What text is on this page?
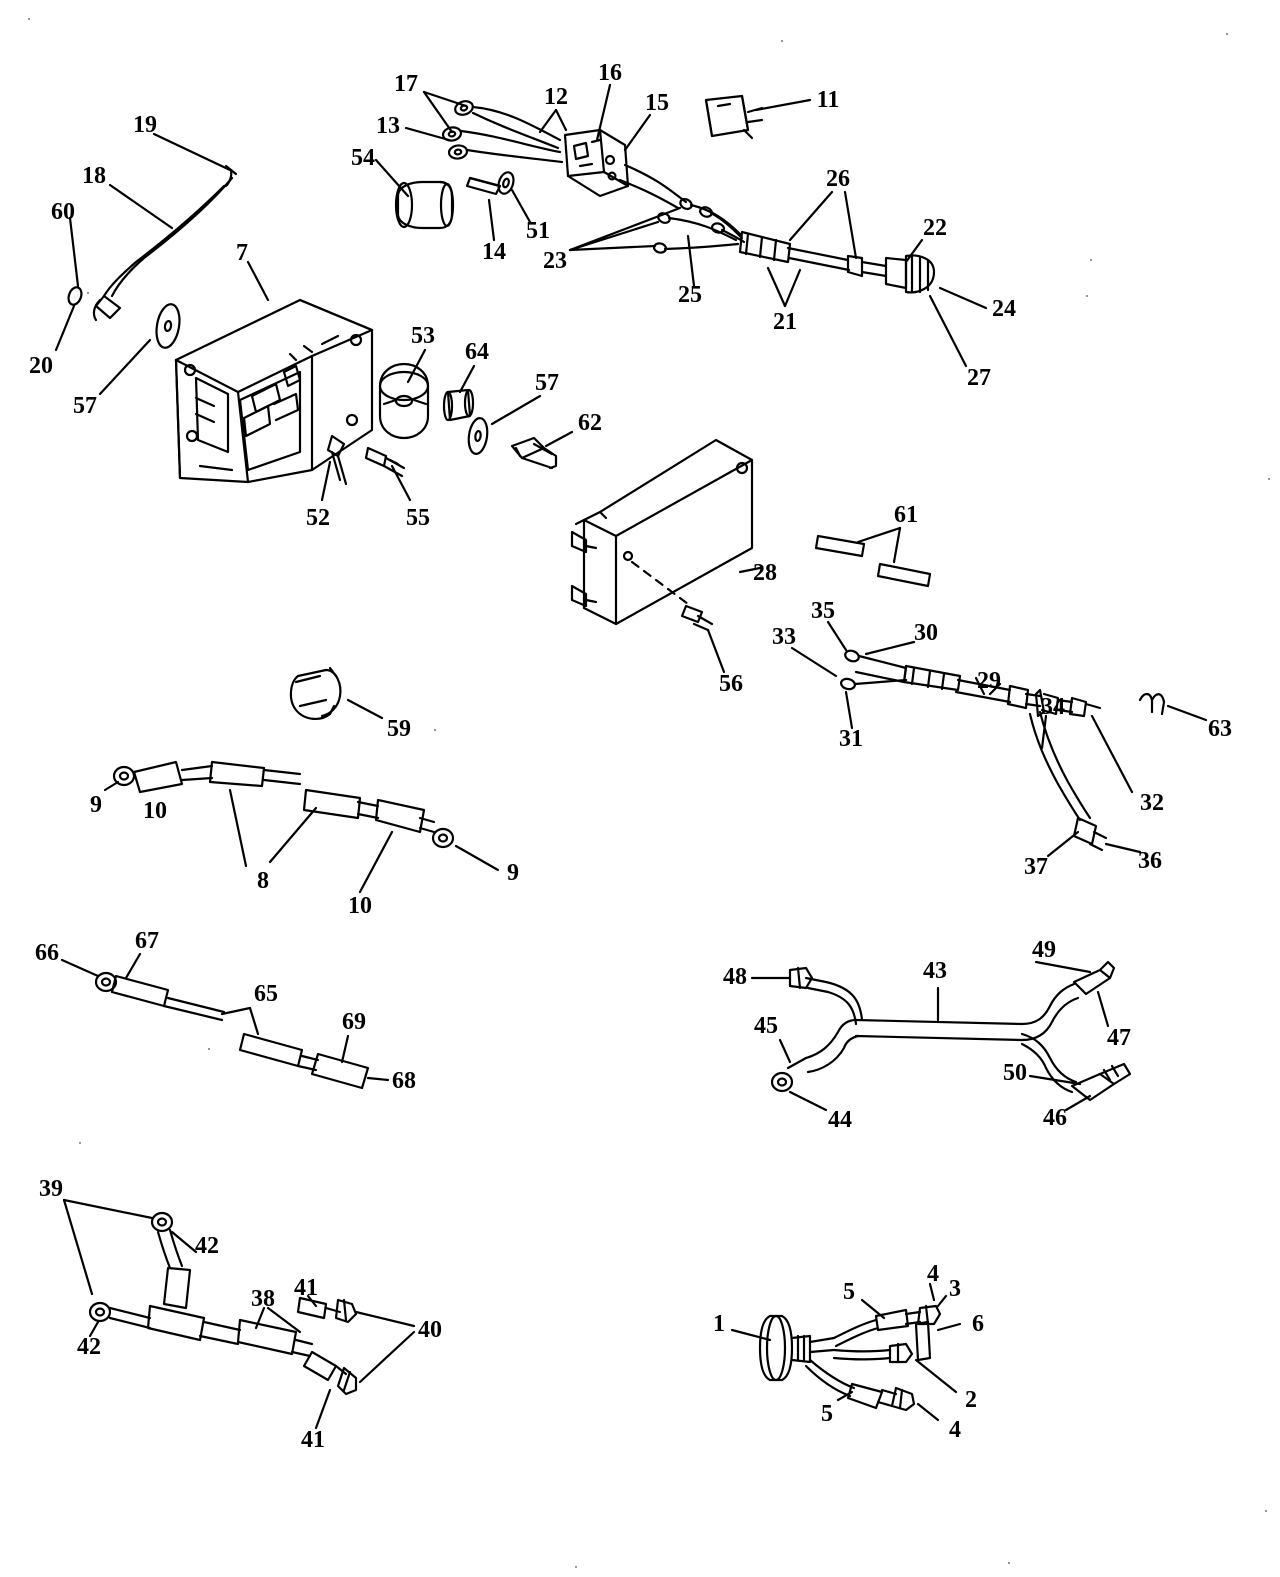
17	16
12	15	11
13
19
54
18
60
26
22
51
14 23
7
25
21	24
20	27
57
53
64
57
62
52	55	61
28
35
33	30
29
56
34
63
31
59
32
9 10
8	9	37	36
10
66	67
65
49
48	43
45	47
69
50
68
46
44
39
42
38 41	5
4
3
1
40	6
42
2
5
4
41
